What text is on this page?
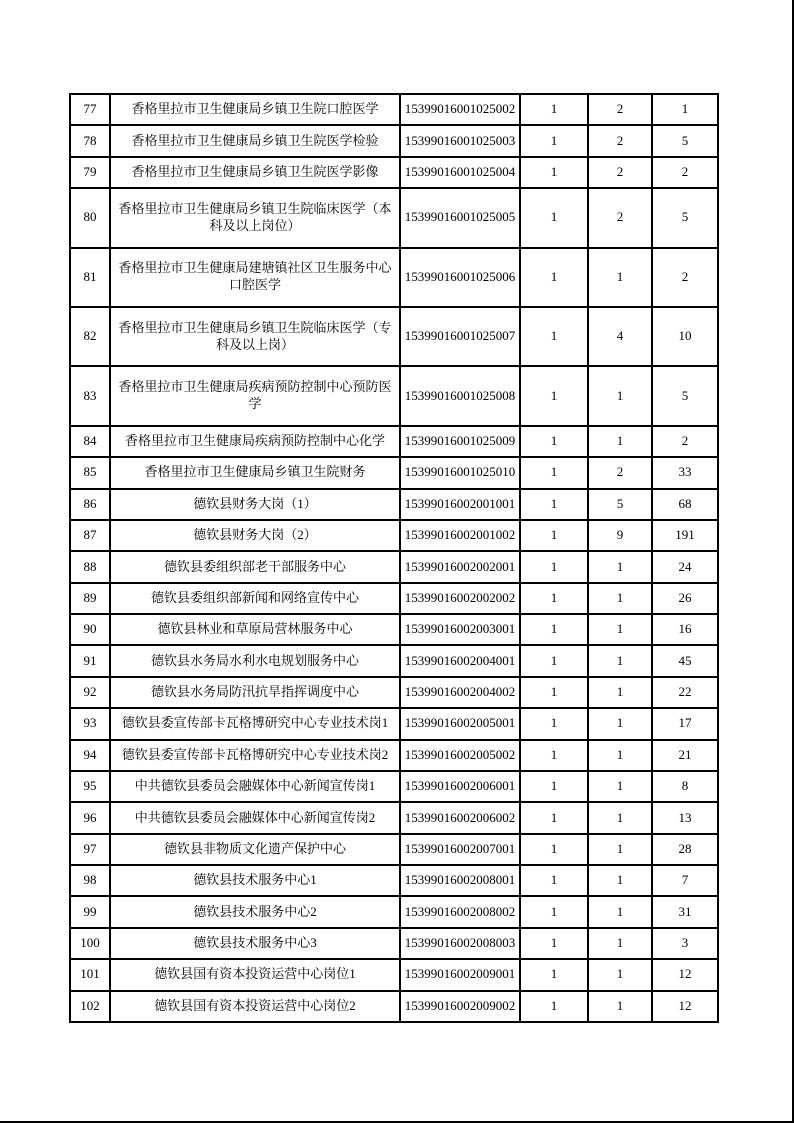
77	香格里拉市卫生健康局乡镇卫生院口腔医学	15399016001025002	1	2	1
78	香格里拉市卫生健康局乡镇卫生院医学检验	15399016001025003	1	2	5
79	香格里拉市卫生健康局乡镇卫生院医学影像	15399016001025004	1	2	2
80	香格里拉市卫生健康局乡镇卫生院临床医学（本科及以上岗位）	15399016001025005	1	2	5
81	香格里拉市卫生健康局建塘镇社区卫生服务中心口腔医学	15399016001025006	1	1	2
82	香格里拉市卫生健康局乡镇卫生院临床医学（专科及以上岗）	15399016001025007	1	4	10
83	香格里拉市卫生健康局疾病预防控制中心预防医学	15399016001025008	1	1	5
84	香格里拉市卫生健康局疾病预防控制中心化学	15399016001025009	1	1	2
85	香格里拉市卫生健康局乡镇卫生院财务	15399016001025010	1	2	33
86	德钦县财务大岗（1）	15399016002001001	1	5	68
87	德钦县财务大岗（2）	15399016002001002	1	9	191
88	德钦县委组织部老干部服务中心	15399016002002001	1	1	24
89	德钦县委组织部新闻和网络宣传中心	15399016002002002	1	1	26
90	德钦县林业和草原局营林服务中心	15399016002003001	1	1	16
91	德钦县水务局水利水电规划服务中心	15399016002004001	1	1	45
92	德钦县水务局防汛抗旱指挥调度中心	15399016002004002	1	1	22
93	德钦县委宣传部卡瓦格博研究中心专业技术岗1	15399016002005001	1	1	17
94	德钦县委宣传部卡瓦格博研究中心专业技术岗2	15399016002005002	1	1	21
95	中共德钦县委员会融媒体中心新闻宣传岗1	15399016002006001	1	1	8
96	中共德钦县委员会融媒体中心新闻宣传岗2	15399016002006002	1	1	13
97	德钦县非物质文化遗产保护中心	15399016002007001	1	1	28
98	德钦县技术服务中心1	15399016002008001	1	1	7
99	德钦县技术服务中心2	15399016002008002	1	1	31
100	德钦县技术服务中心3	15399016002008003	1	1	3
101	德钦县国有资本投资运营中心岗位1	15399016002009001	1	1	12
102	德钦县国有资本投资运营中心岗位2	15399016002009002	1	1	12
